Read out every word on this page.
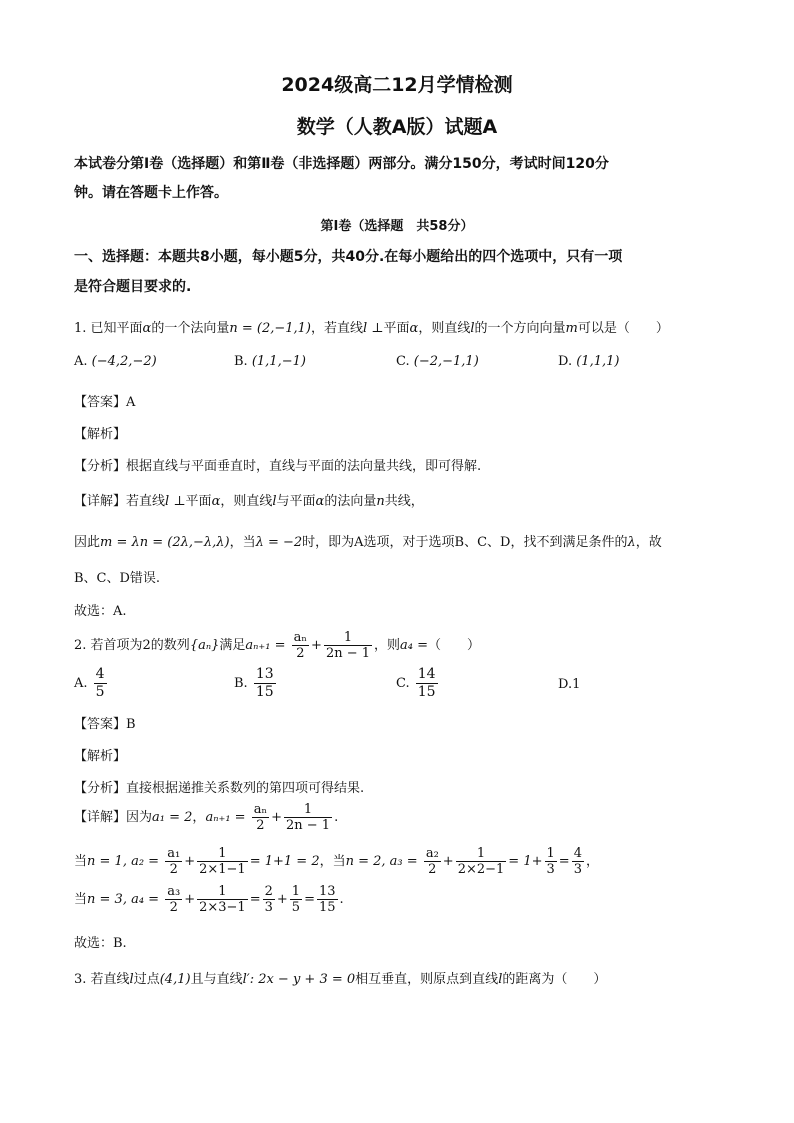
2024级高二12月学情检测
数学（人教A版）试题A
本试卷分第Ⅰ卷（选择题）和第Ⅱ卷（非选择题）两部分。满分150分，考试时间120分
钟。请在答题卡上作答。
第Ⅰ卷（选择题　共58分）
一、选择题：本题共8小题，每小题5分，共40分.在每小题给出的四个选项中，只有一项
是符合题目要求的.
1. 已知平面α的一个法向量n = (2,−1,1)，若直线l ⊥平面α，则直线l的一个方向向量m可以是（　　）
A. (−4,2,−2)	B. (1,1,−1)	C. (−2,−1,1)	D. (1,1,1)
【答案】A
【解析】
【分析】根据直线与平面垂直时，直线与平面的法向量共线，即可得解.
【详解】若直线l ⊥平面α，则直线l与平面α的法向量n共线，
因此m = λn = (2λ,−λ,λ)，当λ = −2时，即为A选项，对于选项B、C、D，找不到满足条件的λ，故
B、C、D错误.
故选：A.
2. 若首项为2的数列{aₙ}满足$a_{n+1} = \frac{\text{aₙ}}{2} + \frac{1}{2n - 1}$ ，则a₄ =（　　）
A. $\frac{4}{5}$	B. $\frac{13}{15}$	C. $\frac{14}{15}$	D.1
【答案】B
【解析】
【分析】直接根据递推关系数列的第四项可得结果.
【详解】因为a₁ = 2，$a_{n+1} = \frac{\text{aₙ}}{2} + \frac{1}{2n - 1}$ .
当n = 1, $a_2 = \frac{\text{a₁}}{2} + \frac{1}{2\times 1-1} = 1+1 = 2$，当n = 2, $a_3 = \frac{\text{a₂}}{2} + \frac{1}{2\times 2-1} = 1+ \frac{1}{3} = \frac{4}{3}$ ，
当n = 3, $a_4 = \frac{\text{a₃}}{2} + \frac{1}{2\times 3-1} = \frac{2}{3} + \frac{1}{5} = \frac{13}{15}$ .
故选：B.
3. 若直线l过点(4,1)且与直线l′: 2x − y + 3 = 0相互垂直，则原点到直线l的距离为（　　）
